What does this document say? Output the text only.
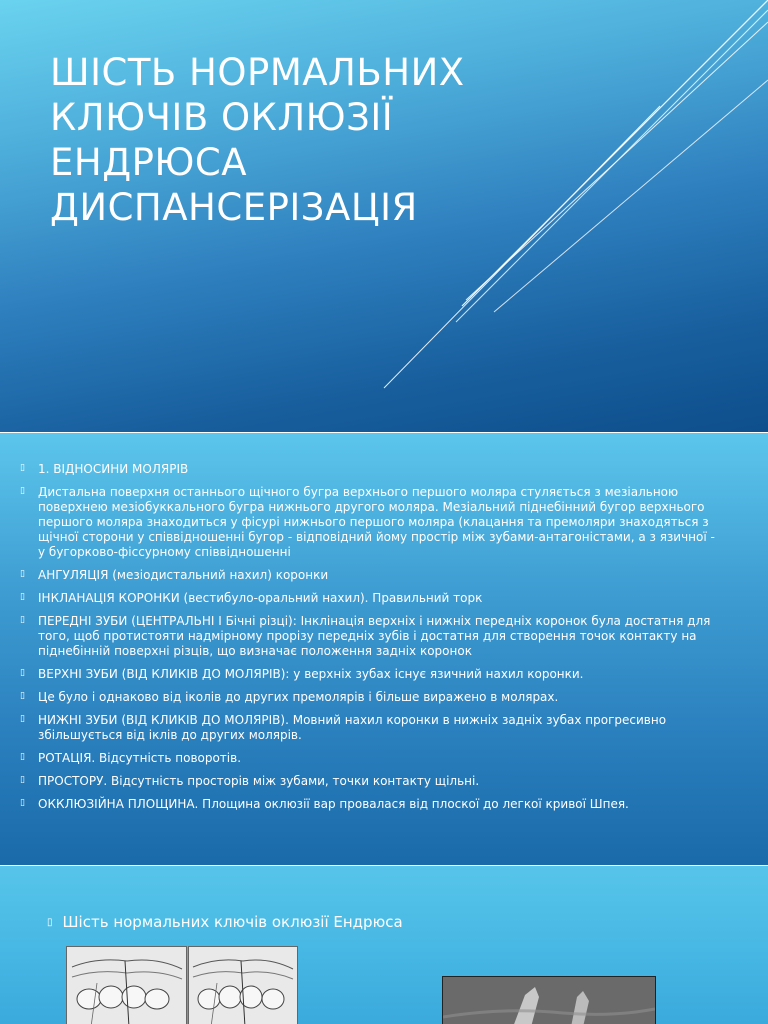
ШІСТЬ НОРМАЛЬНИХ
КЛЮЧІВ ОКЛЮЗІЇ
ЕНДРЮСА
ДИСПАНСЕРІЗАЦІЯ
▯ 1. ВІДНОСИНИ МОЛЯРІВ
▯ Дистальна поверхня останнього щічного бугра верхнього першого моляра стуляється з мезіальною поверхнею мезіобуккального бугра нижнього другого моляра. Мезіальний піднебінний бугор верхнього першого моляра знаходиться у фісурі нижнього першого моляра (клацання та премоляри знаходяться з щічної сторони у співвідношенні бугор - відповідний йому простір між зубами-антагоністами, а з язичної - у бугорково-фіссурному співвідношенні
▯ АНГУЛЯЦІЯ (мезіодистальний нахил) коронки
▯ ІНКЛАНАЦІЯ КОРОНКИ (вестибуло-оральний нахил). Правильний торк
▯ ПЕРЕДНІ ЗУБИ (ЦЕНТРАЛЬНІ І Бічні різці): Інклінація верхніх і нижніх передніх коронок була достатня для того, щоб протистояти надмірному прорізу передніх зубів і достатня для створення точок контакту на піднебінній поверхні різців, що визначає положення задніх коронок
▯ ВЕРХНІ ЗУБИ (ВІД КЛИКІВ ДО МОЛЯРІВ): у верхніх зубах існує язичний нахил коронки.
▯ Це було і однаково від іколів до других премолярів і більше виражено в молярах.
▯ НИЖНІ ЗУБИ (ВІД КЛИКІВ ДО МОЛЯРІВ). Мовний нахил коронки в нижніх задніх зубах прогресивно збільшується від іклів до других молярів.
▯ РОТАЦІЯ. Відсутність поворотів.
▯ ПРОСТОРУ. Відсутність просторів між зубами, точки контакту щільні.
▯ ОККЛЮЗІЙНА ПЛОЩИНА. Площина оклюзії вар провалася від плоскої до легкої кривої Шпея.
▯ Шість нормальних ключів оклюзії Ендрюса
